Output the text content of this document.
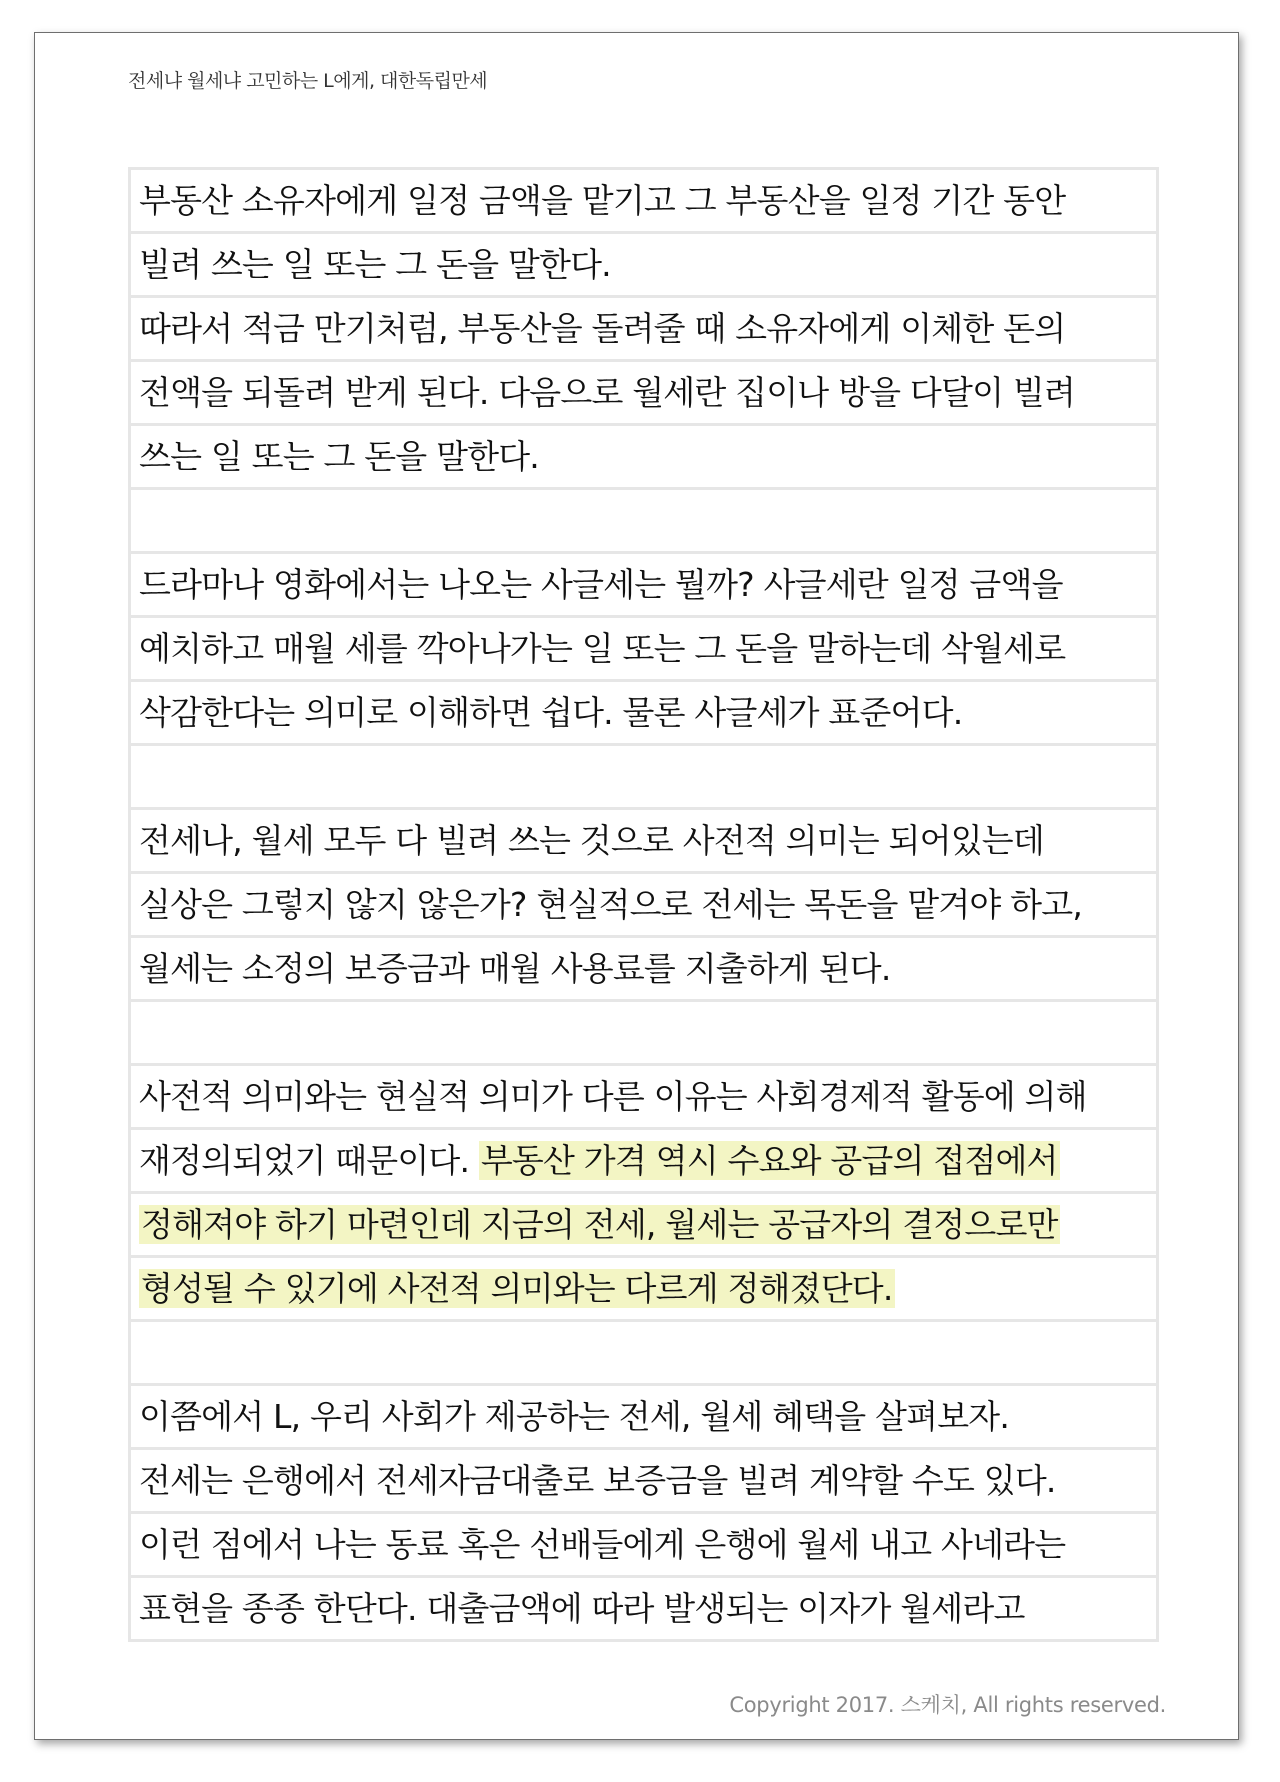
전세냐 월세냐 고민하는 L에게, 대한독립만세
부동산 소유자에게 일정 금액을 맡기고 그 부동산을 일정 기간 동안
빌려 쓰는 일 또는 그 돈을 말한다.
따라서 적금 만기처럼, 부동산을 돌려줄 때 소유자에게 이체한 돈의
전액을 되돌려 받게 된다. 다음으로 월세란 집이나 방을 다달이 빌려
쓰는 일 또는 그 돈을 말한다.
드라마나 영화에서는 나오는 사글세는 뭘까? 사글세란 일정 금액을
예치하고 매월 세를 깍아나가는 일 또는 그 돈을 말하는데 삭월세로
삭감한다는 의미로 이해하면 쉽다. 물론 사글세가 표준어다.
전세나, 월세 모두 다 빌려 쓰는 것으로 사전적 의미는 되어있는데
실상은 그렇지 않지 않은가? 현실적으로 전세는 목돈을 맡겨야 하고,
월세는 소정의 보증금과 매월 사용료를 지출하게 된다.
사전적 의미와는 현실적 의미가 다른 이유는 사회경제적 활동에 의해
재정의되었기 때문이다. 부동산 가격 역시 수요와 공급의 접점에서
정해져야 하기 마련인데 지금의 전세, 월세는 공급자의 결정으로만
형성될 수 있기에 사전적 의미와는 다르게 정해졌단다.
이쯤에서 L, 우리 사회가 제공하는 전세, 월세 혜택을 살펴보자.
전세는 은행에서 전세자금대출로 보증금을 빌려 계약할 수도 있다.
이런 점에서 나는 동료 혹은 선배들에게 은행에 월세 내고 사네라는
표현을 종종 한단다. 대출금액에 따라 발생되는 이자가 월세라고
Copyright 2017. 스케치, All rights reserved.
